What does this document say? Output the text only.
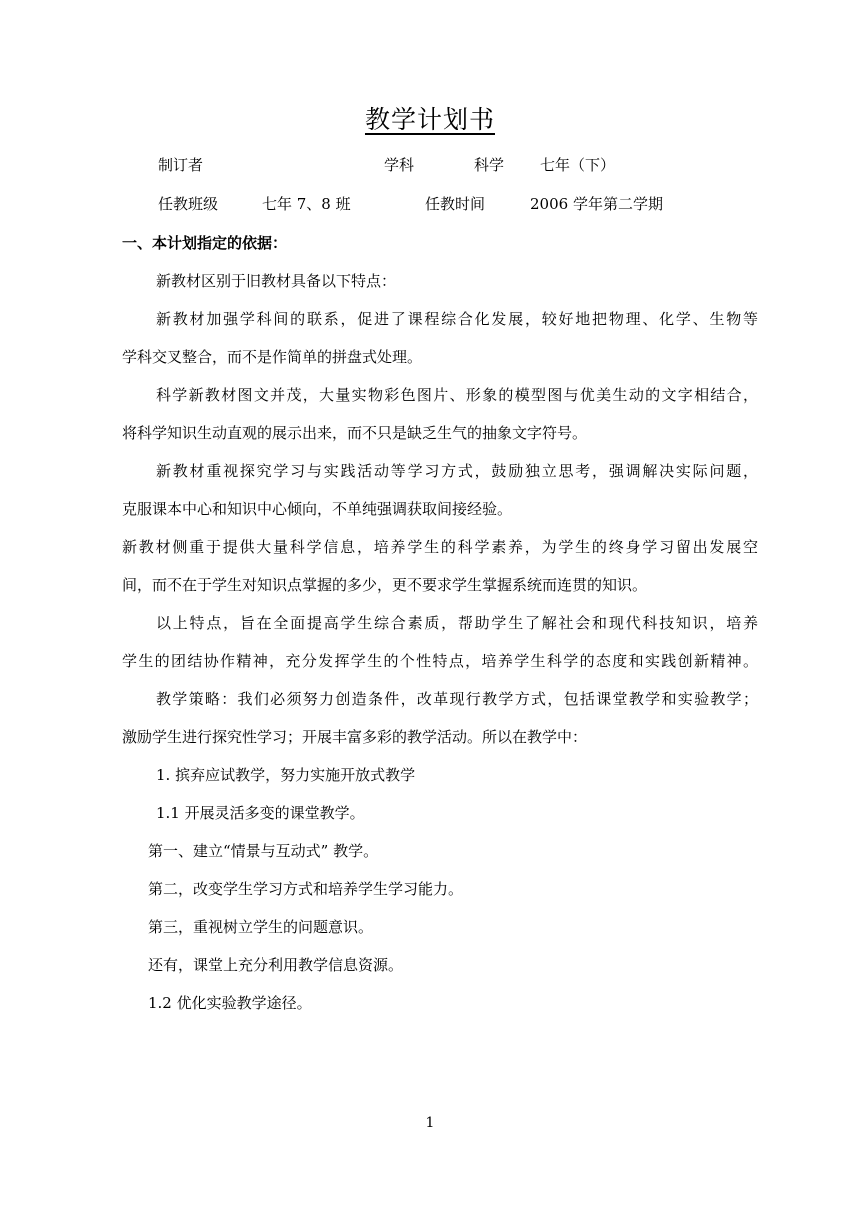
教学计划书
制订者	学科	科学 七年（下）
任教班级	七年 7、8 班	任教时间	2006 学年第二学期
一、本计划指定的依据：
新教材区别于旧教材具备以下特点：
新教材加强学科间的联系，促进了课程综合化发展，较好地把物理、化学、生物等
学科交叉整合，而不是作简单的拼盘式处理。
科学新教材图文并茂，大量实物彩色图片、形象的模型图与优美生动的文字相结合，
将科学知识生动直观的展示出来，而不只是缺乏生气的抽象文字符号。
新教材重视探究学习与实践活动等学习方式，鼓励独立思考，强调解决实际问题，
克服课本中心和知识中心倾向，不单纯强调获取间接经验。
新教材侧重于提供大量科学信息，培养学生的科学素养，为学生的终身学习留出发展空
间，而不在于学生对知识点掌握的多少，更不要求学生掌握系统而连贯的知识。
以上特点，旨在全面提高学生综合素质，帮助学生了解社会和现代科技知识，培养
学生的团结协作精神，充分发挥学生的个性特点，培养学生科学的态度和实践创新精神。
教学策略：我们必须努力创造条件，改革现行教学方式，包括课堂教学和实验教学；
激励学生进行探究性学习；开展丰富多彩的教学活动。所以在教学中：
1. 摈弃应试教学，努力实施开放式教学
1.1 开展灵活多变的课堂教学。
第一、建立“情景与互动式” 教学。
第二，改变学生学习方式和培养学生学习能力。
第三，重视树立学生的问题意识。
还有，课堂上充分利用教学信息资源。
1.2 优化实验教学途径。
1
